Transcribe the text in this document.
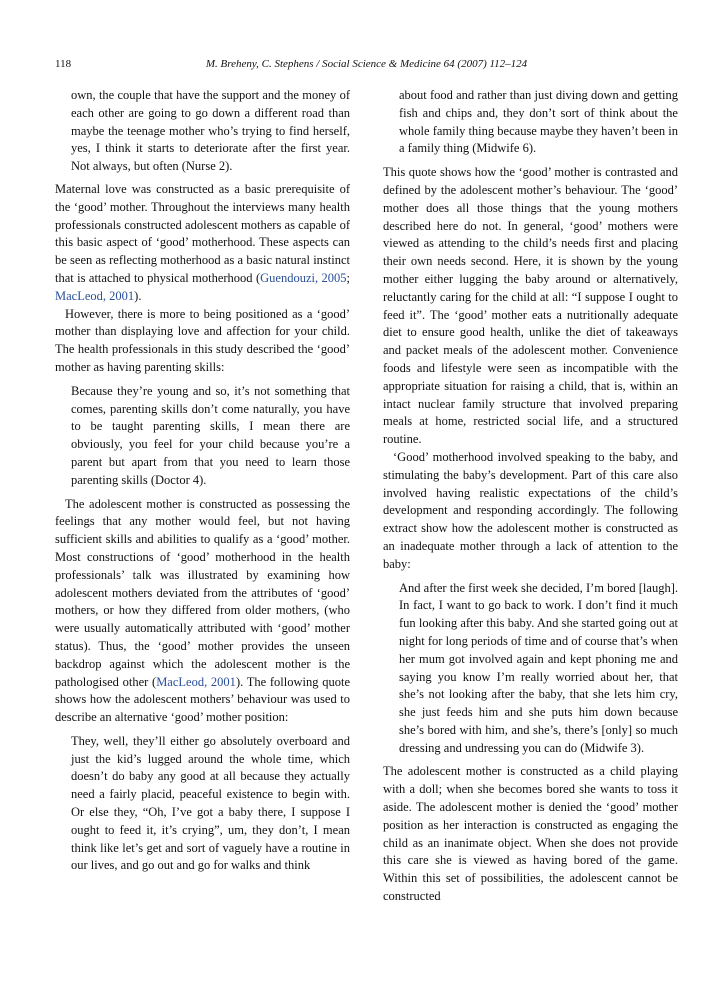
118	M. Breheny, C. Stephens / Social Science & Medicine 64 (2007) 112–124
own, the couple that have the support and the money of each other are going to go down a different road than maybe the teenage mother who’s trying to find herself, yes, I think it starts to deteriorate after the first year. Not always, but often (Nurse 2).

Maternal love was constructed as a basic prerequisite of the ‘good’ mother. Throughout the interviews many health professionals constructed adolescent mothers as capable of this basic aspect of ‘good’ motherhood. These aspects can be seen as reflecting motherhood as a basic natural instinct that is attached to physical motherhood (Guendouzi, 2005; MacLeod, 2001).

However, there is more to being positioned as a ‘good’ mother than displaying love and affection for your child. The health professionals in this study described the ‘good’ mother as having parenting skills:

Because they’re young and so, it’s not something that comes, parenting skills don’t come naturally, you have to be taught parenting skills, I mean there are obviously, you feel for your child because you’re a parent but apart from that you need to learn those parenting skills (Doctor 4).

The adolescent mother is constructed as possessing the feelings that any mother would feel, but not having sufficient skills and abilities to qualify as a ‘good’ mother. Most constructions of ‘good’ motherhood in the health professionals’ talk was illustrated by examining how adolescent mothers deviated from the attributes of ‘good’ mothers, or how they differed from older mothers, (who were usually automatically attributed with ‘good’ mother status). Thus, the ‘good’ mother provides the unseen backdrop against which the adolescent mother is the pathologised other (MacLeod, 2001). The following quote shows how the adolescent mothers’ behaviour was used to describe an alternative ‘good’ mother position:

They, well, they’ll either go absolutely overboard and just the kid’s lugged around the whole time, which doesn’t do baby any good at all because they actually need a fairly placid, peaceful existence to begin with. Or else they, “Oh, I’ve got a baby there, I suppose I ought to feed it, it’s crying”, um, they don’t, I mean think like let’s get and sort of vaguely have a routine in our lives, and go out and go for walks and think
about food and rather than just diving down and getting fish and chips and, they don’t sort of think about the whole family thing because maybe they haven’t been in a family thing (Midwife 6).

This quote shows how the ‘good’ mother is contrasted and defined by the adolescent mother’s behaviour. The ‘good’ mother does all those things that the young mothers described here do not. In general, ‘good’ mothers were viewed as attending to the child’s needs first and placing their own needs second. Here, it is shown by the young mother either lugging the baby around or alternatively, reluctantly caring for the child at all: “I suppose I ought to feed it”. The ‘good’ mother eats a nutritionally adequate diet to ensure good health, unlike the diet of takeaways and packet meals of the adolescent mother. Convenience foods and lifestyle were seen as incompatible with the appropriate situation for raising a child, that is, within an intact nuclear family structure that involved preparing meals at home, restricted social life, and a structured routine.

‘Good’ motherhood involved speaking to the baby, and stimulating the baby’s development. Part of this care also involved having realistic expectations of the child’s development and responding accordingly. The following extract show how the adolescent mother is constructed as an inadequate mother through a lack of attention to the baby:

And after the first week she decided, I’m bored [laugh]. In fact, I want to go back to work. I don’t find it much fun looking after this baby. And she started going out at night for long periods of time and of course that’s when her mum got involved again and kept phoning me and saying you know I’m really worried about her, that she’s not looking after the baby, that she lets him cry, she just feeds him and she puts him down because she’s bored with him, and she’s, there’s [only] so much dressing and undressing you can do (Midwife 3).

The adolescent mother is constructed as a child playing with a doll; when she becomes bored she wants to toss it aside. The adolescent mother is denied the ‘good’ mother position as her interaction is constructed as engaging the child as an inanimate object. When she does not provide this care she is viewed as having bored of the game. Within this set of possibilities, the adolescent cannot be constructed
